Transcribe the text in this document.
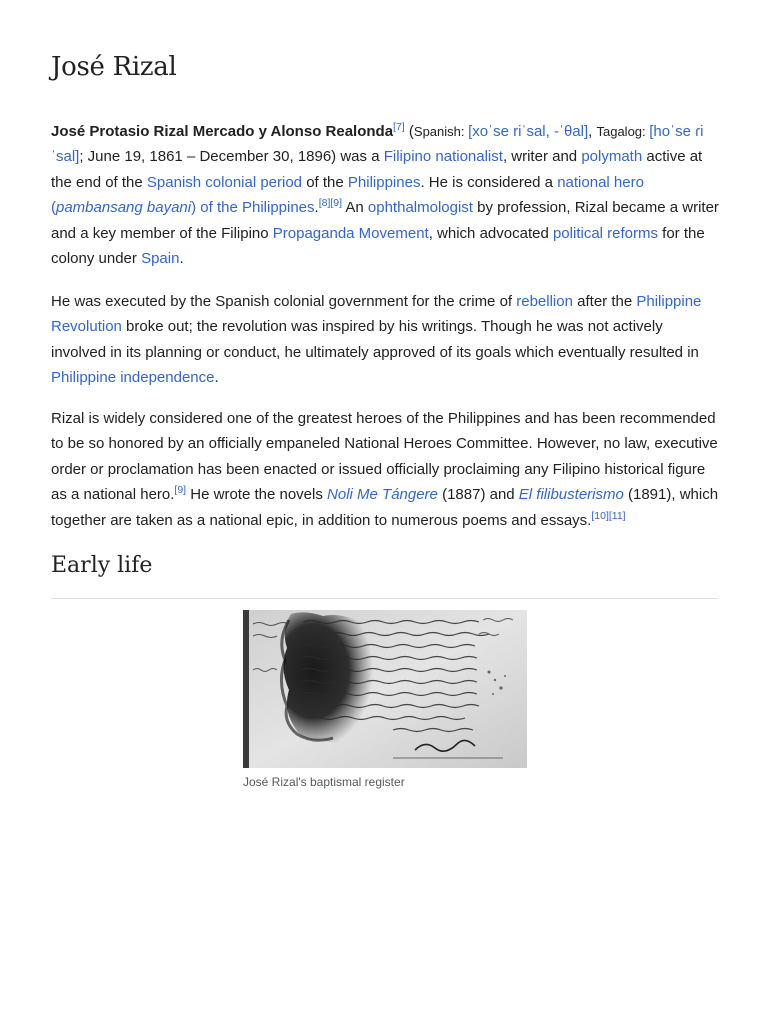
José Rizal

José Protasio Rizal Mercado y Alonso Realonda[7] (Spanish: [xoˈse riˈsal, -ˈθal], Tagalog: [hoˈse ɾiˈsal]; June 19, 1861 – December 30, 1896) was a Filipino nationalist, writer and polymath active at the end of the Spanish colonial period of the Philippines. He is considered a national hero (pambansang bayani) of the Philippines.[8][9] An ophthalmologist by profession, Rizal became a writer and a key member of the Filipino Propaganda Movement, which advocated political reforms for the colony under Spain.

He was executed by the Spanish colonial government for the crime of rebellion after the Philippine Revolution broke out; the revolution was inspired by his writings. Though he was not actively involved in its planning or conduct, he ultimately approved of its goals which eventually resulted in Philippine independence.

Rizal is widely considered one of the greatest heroes of the Philippines and has been recommended to be so honored by an officially empaneled National Heroes Committee. However, no law, executive order or proclamation has been enacted or issued officially proclaiming any Filipino historical figure as a national hero.[9] He wrote the novels Noli Me Tángere (1887) and El filibusterismo (1891), which together are taken as a national epic, in addition to numerous poems and essays.[10][11]

Early life
José Rizal's baptismal register
